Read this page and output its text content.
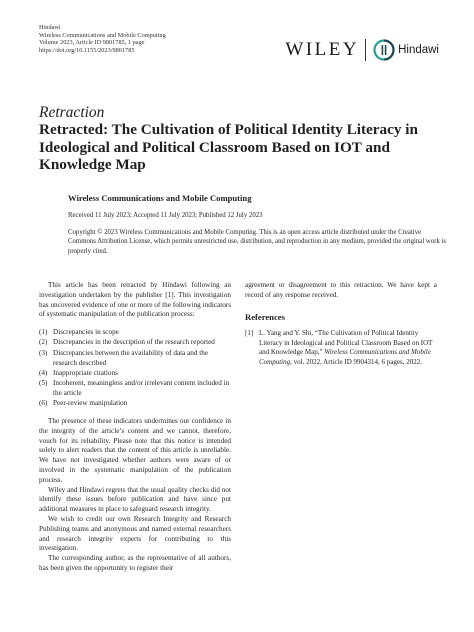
Hindawi
Wireless Communications and Mobile Computing
Volume 2023, Article ID 9801785, 1 page
https://doi.org/10.1155/2023/9801785	WILEY	Hindawi
Retraction
Retracted: The Cultivation of Political Identity Literacy in Ideological and Political Classroom Based on IOT and Knowledge Map
Wireless Communications and Mobile Computing
Received 11 July 2023; Accepted 11 July 2023; Published 12 July 2023
Copyright © 2023 Wireless Communications and Mobile Computing. This is an open access article distributed under the Creative Commons Attribution License, which permits unrestricted use, distribution, and reproduction in any medium, provided the original work is properly cited.

This article has been retracted by Hindawi following an investigation undertaken by the publisher [1]. This investigation has uncovered evidence of one or more of the following indicators of systematic manipulation of the publication process:

(1) Discrepancies in scope
(2) Discrepancies in the description of the research reported
(3) Discrepancies between the availability of data and the research described
(4) Inappropriate citations
(5) Incoherent, meaningless and/or irrelevant content included in the article
(6) Peer-review manipulation

The presence of these indicators undermines our confidence in the integrity of the article’s content and we cannot, therefore, vouch for its reliability. Please note that this notice is intended solely to alert readers that the content of this article is unreliable. We have not investigated whether authors were aware of or involved in the systematic manipulation of the publication process.

Wiley and Hindawi regrets that the usual quality checks did not identify these issues before publication and have since put additional measures in place to safeguard research integrity.

We wish to credit our own Research Integrity and Research Publishing teams and anonymous and named external researchers and research integrity experts for contributing to this investigation.

The corresponding author, as the representative of all authors, has been given the opportunity to register their

agreement or disagreement to this retraction. We have kept a record of any response received.

References
[1] L. Yang and Y. Shi, “The Cultivation of Political Identity Literacy in Ideological and Political Classroom Based on IOT and Knowledge Map,” Wireless Communications and Mobile Computing, vol. 2022, Article ID 9904314, 6 pages, 2022.
